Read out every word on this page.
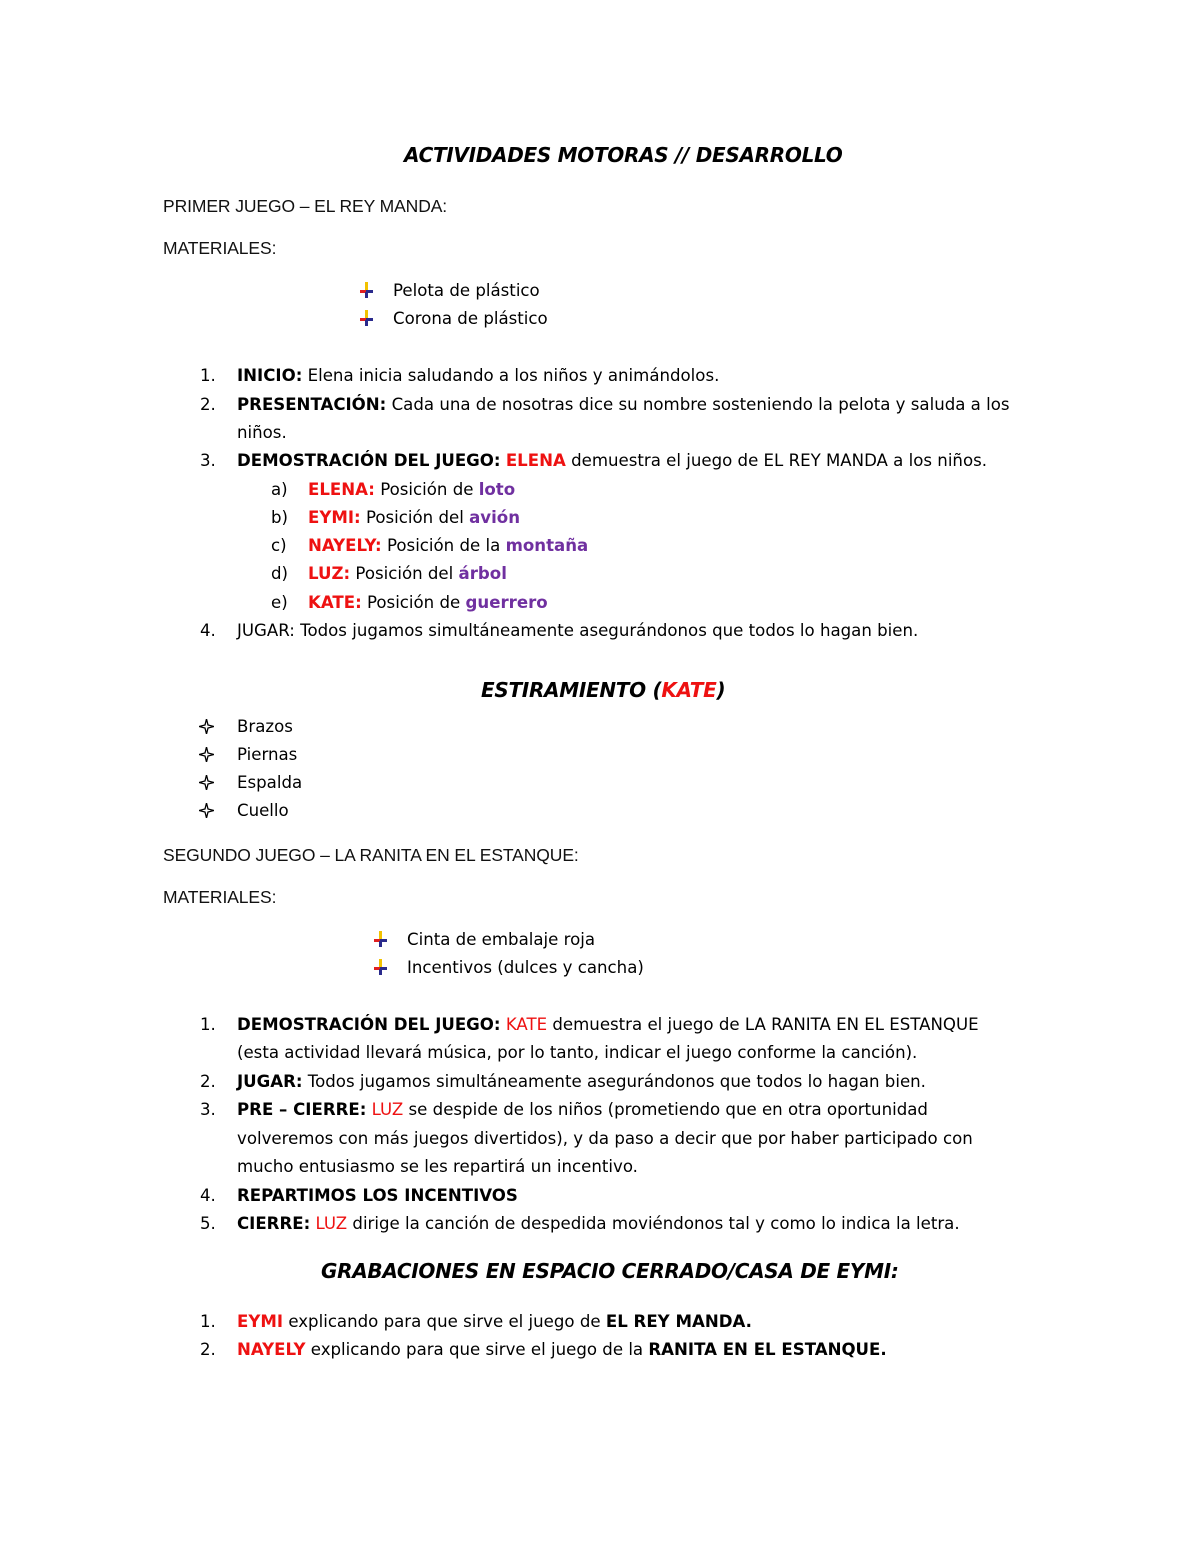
ACTIVIDADES MOTORAS // DESARROLLO
PRIMER JUEGO – EL REY MANDA:
MATERIALES:
Pelota de plástico
Corona de plástico
1. INICIO: Elena inicia saludando a los niños y animándolos.
2. PRESENTACIÓN: Cada una de nosotras dice su nombre sosteniendo la pelota y saluda a los
niños.
3. DEMOSTRACIÓN DEL JUEGO: ELENA demuestra el juego de EL REY MANDA a los niños.
a) ELENA: Posición de loto
b) EYMI: Posición del avión
c) NAYELY: Posición de la montaña
d) LUZ: Posición del árbol
e) KATE: Posición de guerrero
4. JUGAR: Todos jugamos simultáneamente asegurándonos que todos lo hagan bien.
ESTIRAMIENTO (KATE)
Brazos
Piernas
Espalda
Cuello
SEGUNDO JUEGO – LA RANITA EN EL ESTANQUE:
MATERIALES:
Cinta de embalaje roja
Incentivos (dulces y cancha)
1. DEMOSTRACIÓN DEL JUEGO: KATE demuestra el juego de LA RANITA EN EL ESTANQUE
(esta actividad llevará música, por lo tanto, indicar el juego conforme la canción).
2. JUGAR: Todos jugamos simultáneamente asegurándonos que todos lo hagan bien.
3. PRE – CIERRE: LUZ se despide de los niños (prometiendo que en otra oportunidad
volveremos con más juegos divertidos), y da paso a decir que por haber participado con
mucho entusiasmo se les repartirá un incentivo.
4. REPARTIMOS LOS INCENTIVOS
5. CIERRE: LUZ dirige la canción de despedida moviéndonos tal y como lo indica la letra.
GRABACIONES EN ESPACIO CERRADO/CASA DE EYMI:
1. EYMI explicando para que sirve el juego de EL REY MANDA.
2. NAYELY explicando para que sirve el juego de la RANITA EN EL ESTANQUE.
